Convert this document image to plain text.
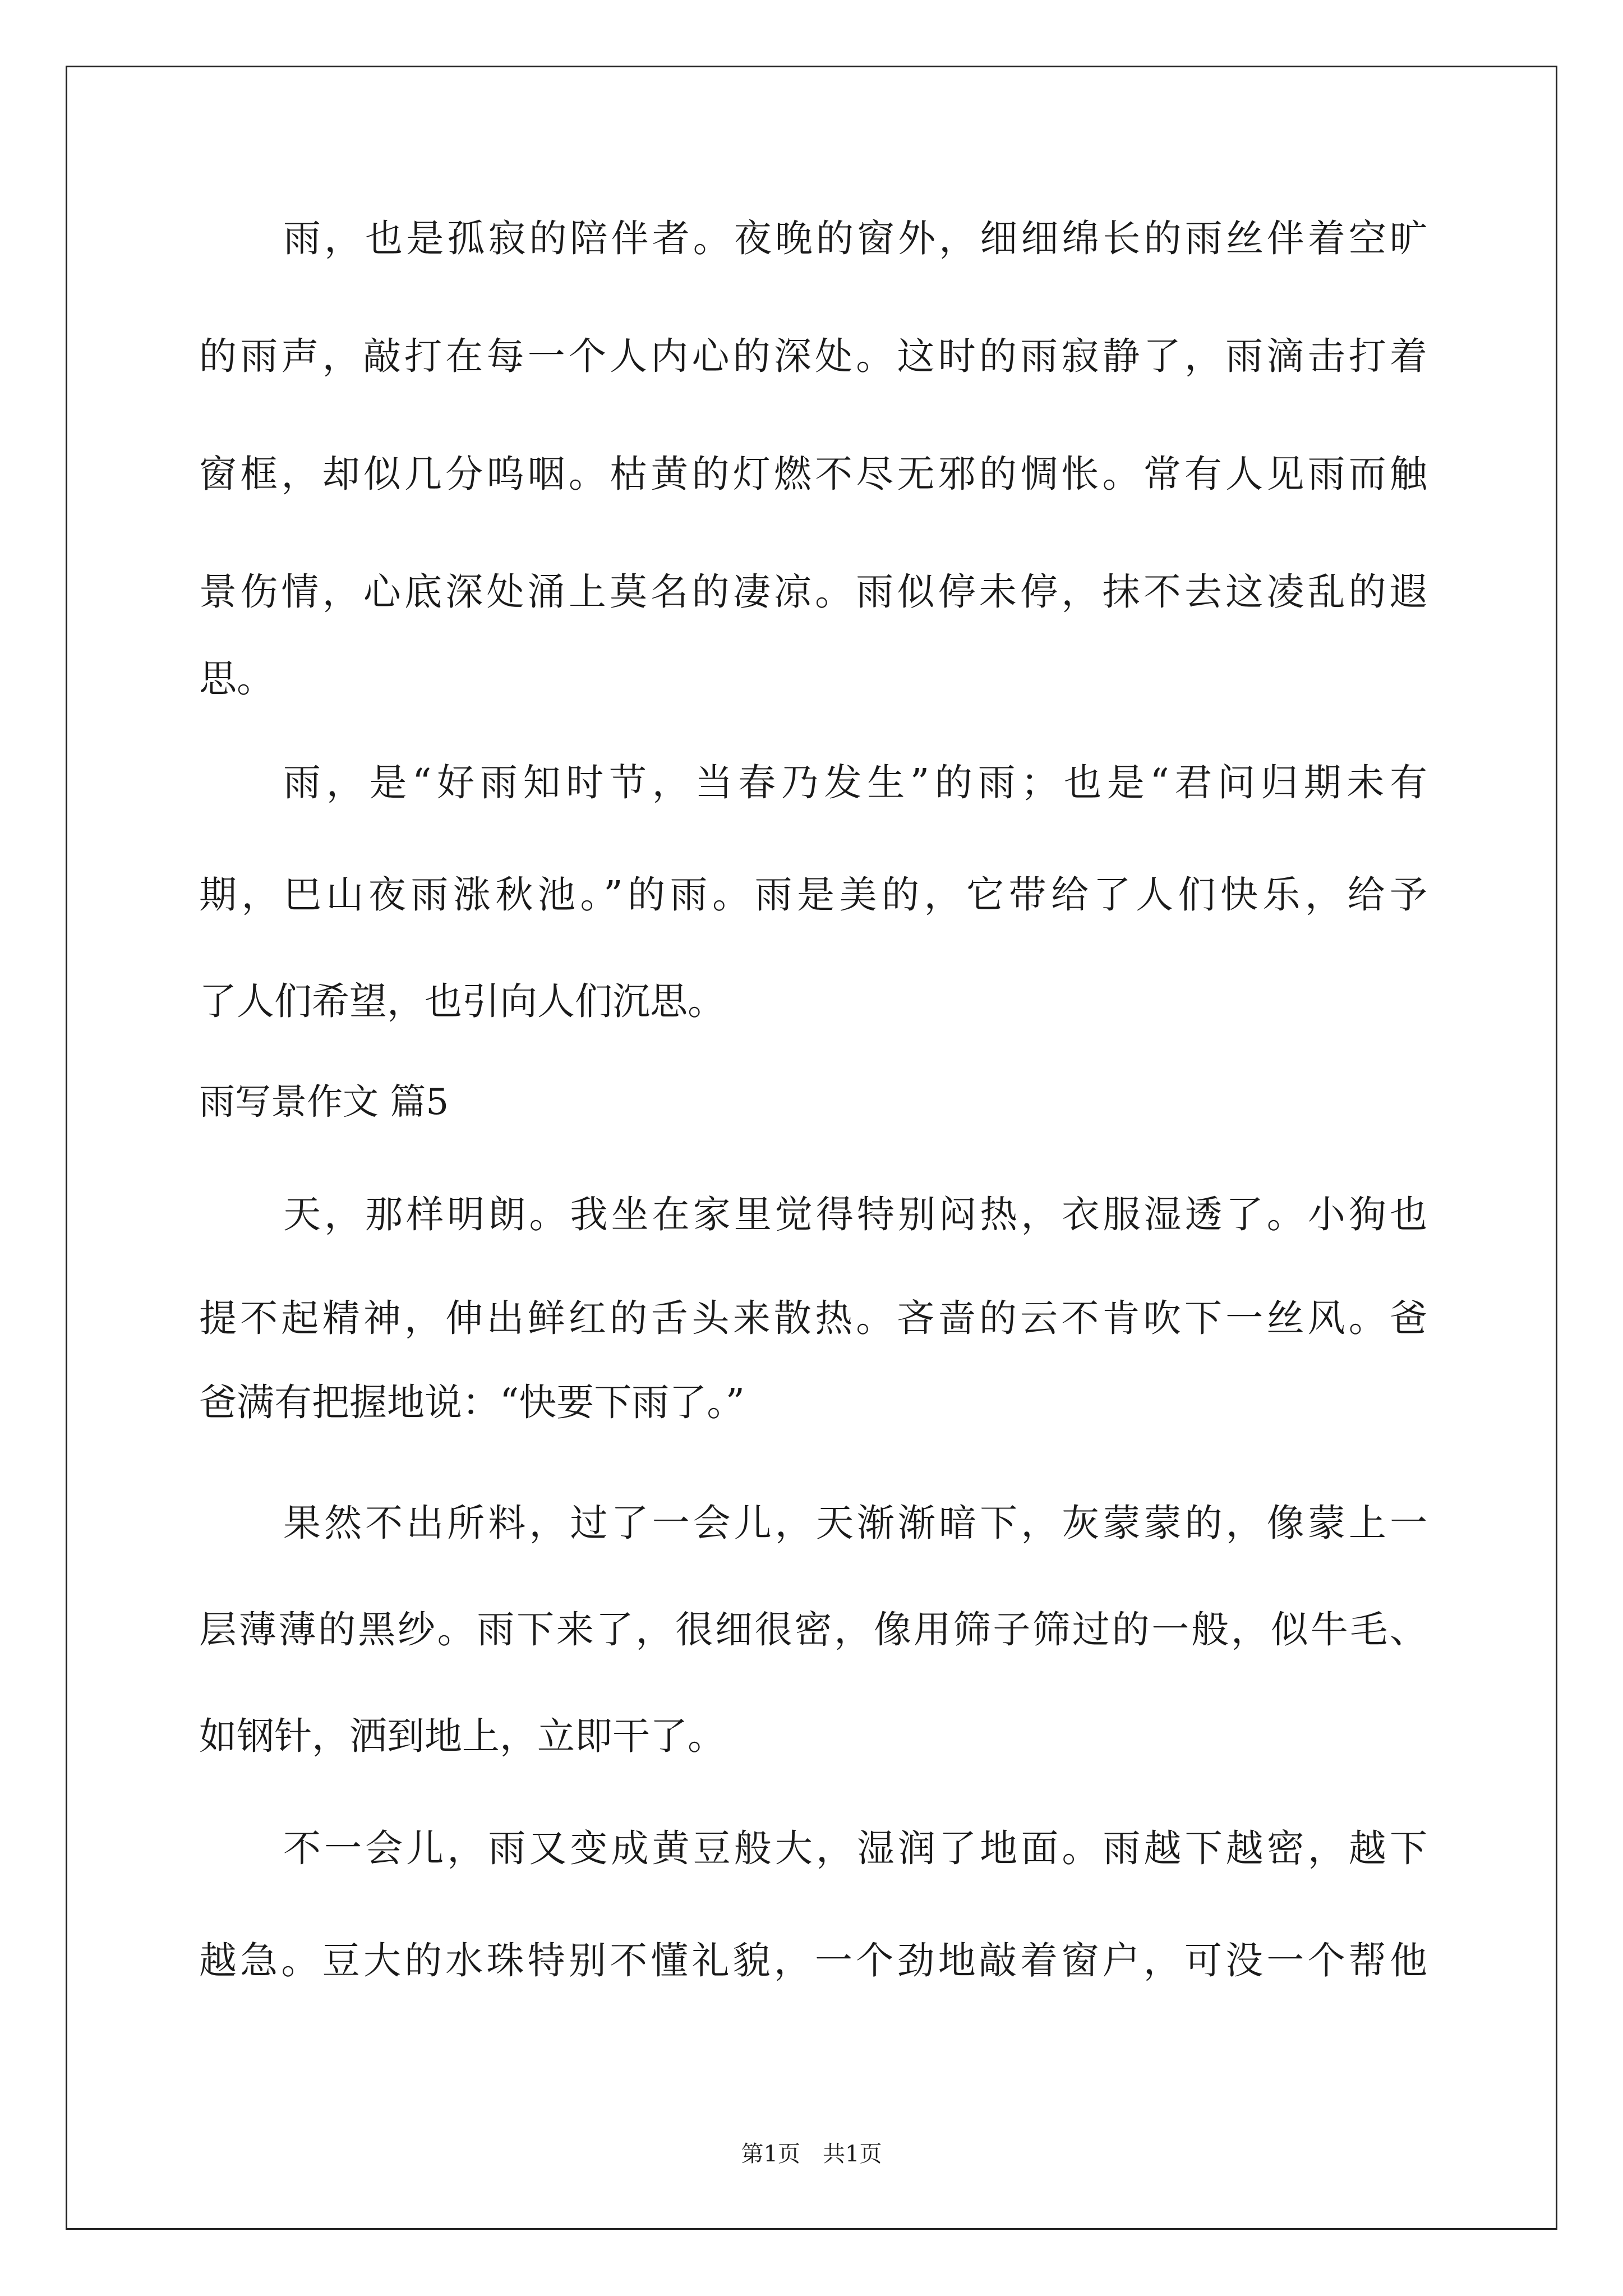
雨，也是孤寂的陪伴者。夜晚的窗外，细细绵长的雨丝伴着空旷
的雨声，敲打在每一个人内心的深处。这时的雨寂静了，雨滴击打着
窗框，却似几分呜咽。枯黄的灯燃不尽无邪的惆怅。常有人见雨而触
景伤情，心底深处涌上莫名的凄凉。雨似停未停，抹不去这凌乱的遐
思。
雨，是“好雨知时节，当春乃发生”的雨；也是“君问归期未有
期，巴山夜雨涨秋池。”的雨。雨是美的，它带给了人们快乐，给予
了人们希望，也引向人们沉思。
雨写景作文 篇5
天，那样明朗。我坐在家里觉得特别闷热，衣服湿透了。小狗也
提不起精神，伸出鲜红的舌头来散热。吝啬的云不肯吹下一丝风。爸
爸满有把握地说：“快要下雨了。”
果然不出所料，过了一会儿，天渐渐暗下，灰蒙蒙的，像蒙上一
层薄薄的黑纱。雨下来了，很细很密，像用筛子筛过的一般，似牛毛、
如钢针，洒到地上，立即干了。
不一会儿，雨又变成黄豆般大，湿润了地面。雨越下越密，越下
越急。豆大的水珠特别不懂礼貌，一个劲地敲着窗户，可没一个帮他
第1页　共1页
